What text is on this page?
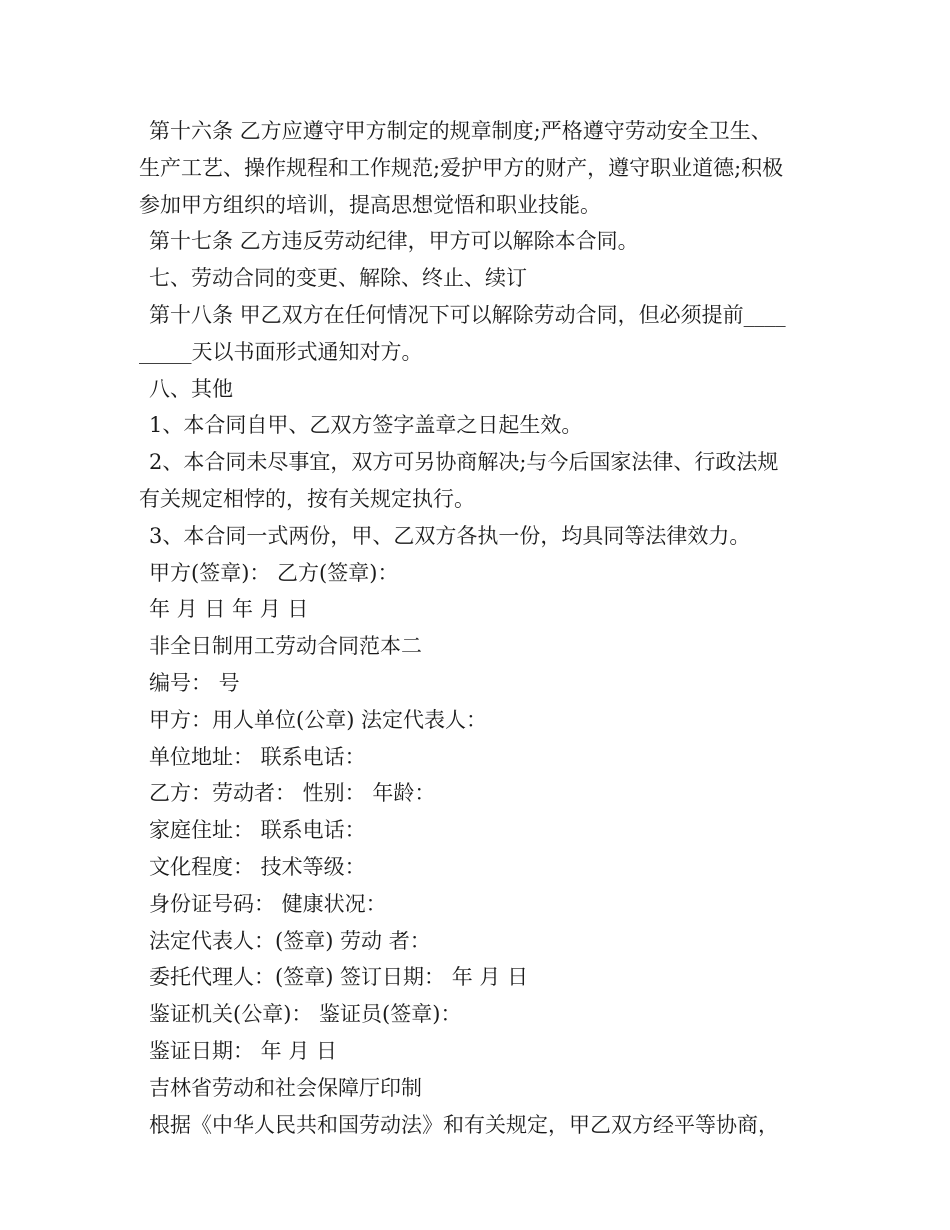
第十六条 乙方应遵守甲方制定的规章制度;严格遵守劳动安全卫生、

生产工艺、操作规程和工作规范;爱护甲方的财产，遵守职业道德;积极

参加甲方组织的培训，提高思想觉悟和职业技能。

第十七条 乙方违反劳动纪律，甲方可以解除本合同。

七、劳动合同的变更、解除、终止、续订

第十八条 甲乙双方在任何情况下可以解除劳动合同，但必须提前____

_____天以书面形式通知对方。

八、其他

1、本合同自甲、乙双方签字盖章之日起生效。

2、本合同未尽事宜，双方可另协商解决;与今后国家法律、行政法规

有关规定相悖的，按有关规定执行。

3、本合同一式两份，甲、乙双方各执一份，均具同等法律效力。

甲方(签章)： 乙方(签章)：

年 月 日 年 月 日

非全日制用工劳动合同范本二

编号： 号

甲方：用人单位(公章) 法定代表人：

单位地址： 联系电话：

乙方：劳动者： 性别： 年龄：

家庭住址： 联系电话：

文化程度： 技术等级：

身份证号码： 健康状况：

法定代表人：(签章) 劳动 者：

委托代理人：(签章) 签订日期： 年 月 日

鉴证机关(公章)： 鉴证员(签章)：

鉴证日期： 年 月 日

吉林省劳动和社会保障厅印制

根据《中华人民共和国劳动法》和有关规定，甲乙双方经平等协商，
